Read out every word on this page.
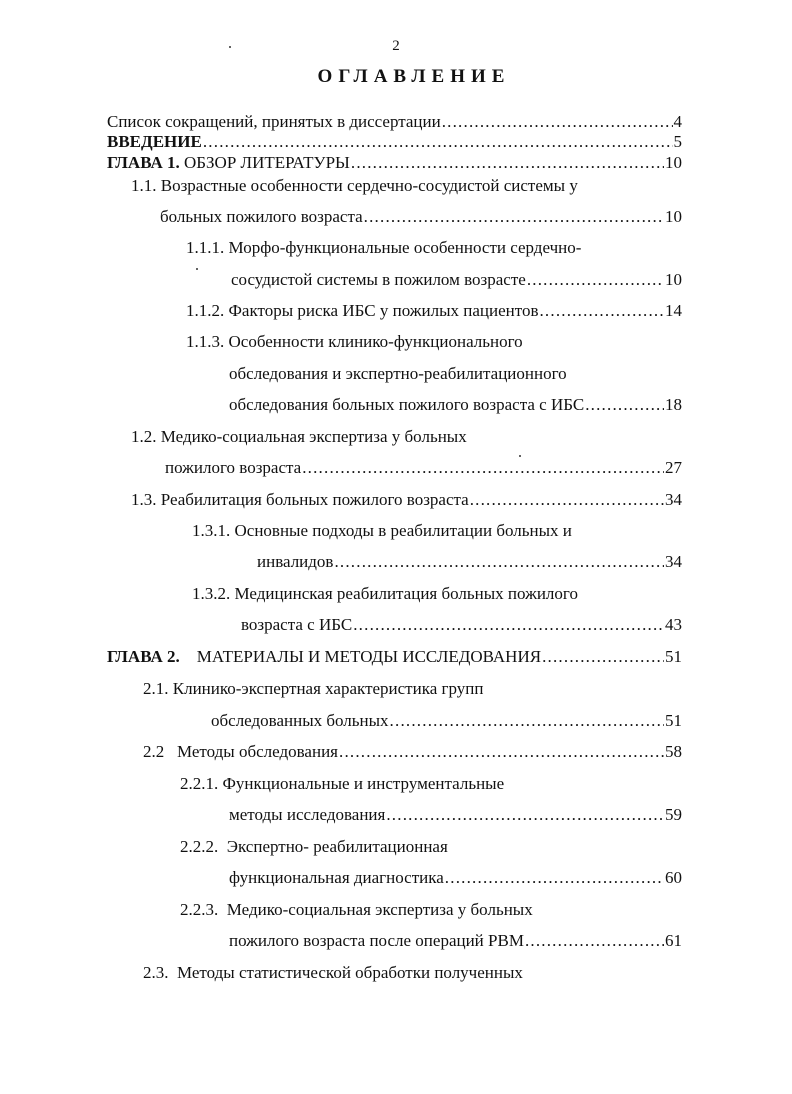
2
ОГЛАВЛЕНИЕ
Список сокращений, принятых в диссертации .....	4
ВВЕДЕНИЕ .....	5
ГЛАВА 1. ОБЗОР ЛИТЕРАТУРЫ .....	10
1.1. Возрастные особенности сердечно-сосудистой системы у
больных пожилого возраста .....	10
1.1.1. Морфо-функциональные особенности сердечно-
сосудистой системы в пожилом возрасте .....	10
1.1.2. Факторы риска ИБС у пожилых пациентов .....	14
1.1.3. Особенности клинико-функционального
обследования и экспертно-реабилитационного
обследования больных пожилого возраста с ИБС .....	18
1.2. Медико-социальная экспертиза у больных
пожилого возраста .....	27
1.3. Реабилитация больных пожилого возраста .....	34
1.3.1. Основные подходы в реабилитации больных и
инвалидов .....	34
1.3.2. Медицинская реабилитация больных пожилого
возраста с ИБС .....	43
ГЛАВА 2.    МАТЕРИАЛЫ И МЕТОДЫ ИССЛЕДОВАНИЯ .....	51
2.1. Клинико-экспертная характеристика групп
обследованных больных .....	51
2.2   Методы обследования .....	58
2.2.1. Функциональные и инструментальные
методы исследования .....	59
2.2.2.  Экспертно- реабилитационная
функциональная диагностика .....	60
2.2.3.  Медико-социальная экспертиза у больных
пожилого возраста после операций РВМ .....	61
2.3.  Методы статистической обработки полученных
